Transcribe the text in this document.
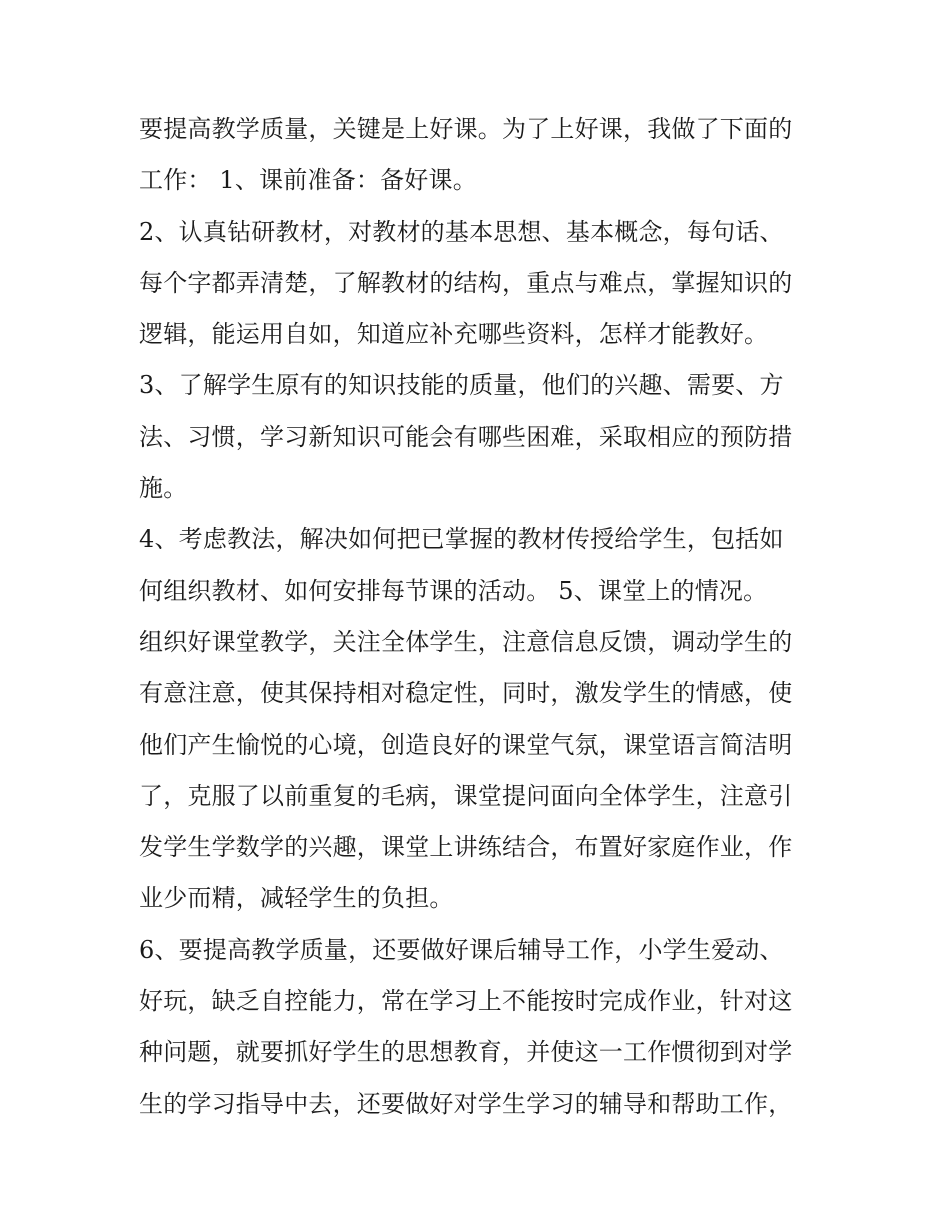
要提高教学质量，关键是上好课。为了上好课，我做了下面的
工作： 1、课前准备：备好课。
2、认真钻研教材，对教材的基本思想、基本概念，每句话、
每个字都弄清楚，了解教材的结构，重点与难点，掌握知识的
逻辑，能运用自如，知道应补充哪些资料，怎样才能教好。
3、了解学生原有的知识技能的质量，他们的兴趣、需要、方
法、习惯，学习新知识可能会有哪些困难，采取相应的预防措
施。
4、考虑教法，解决如何把已掌握的教材传授给学生，包括如
何组织教材、如何安排每节课的活动。 5、课堂上的情况。
组织好课堂教学，关注全体学生，注意信息反馈，调动学生的
有意注意，使其保持相对稳定性，同时，激发学生的情感，使
他们产生愉悦的心境，创造良好的课堂气氛，课堂语言简洁明
了，克服了以前重复的毛病，课堂提问面向全体学生，注意引
发学生学数学的兴趣，课堂上讲练结合，布置好家庭作业，作
业少而精，减轻学生的负担。
6、要提高教学质量，还要做好课后辅导工作，小学生爱动、
好玩，缺乏自控能力，常在学习上不能按时完成作业，针对这
种问题，就要抓好学生的思想教育，并使这一工作惯彻到对学
生的学习指导中去，还要做好对学生学习的辅导和帮助工作，
